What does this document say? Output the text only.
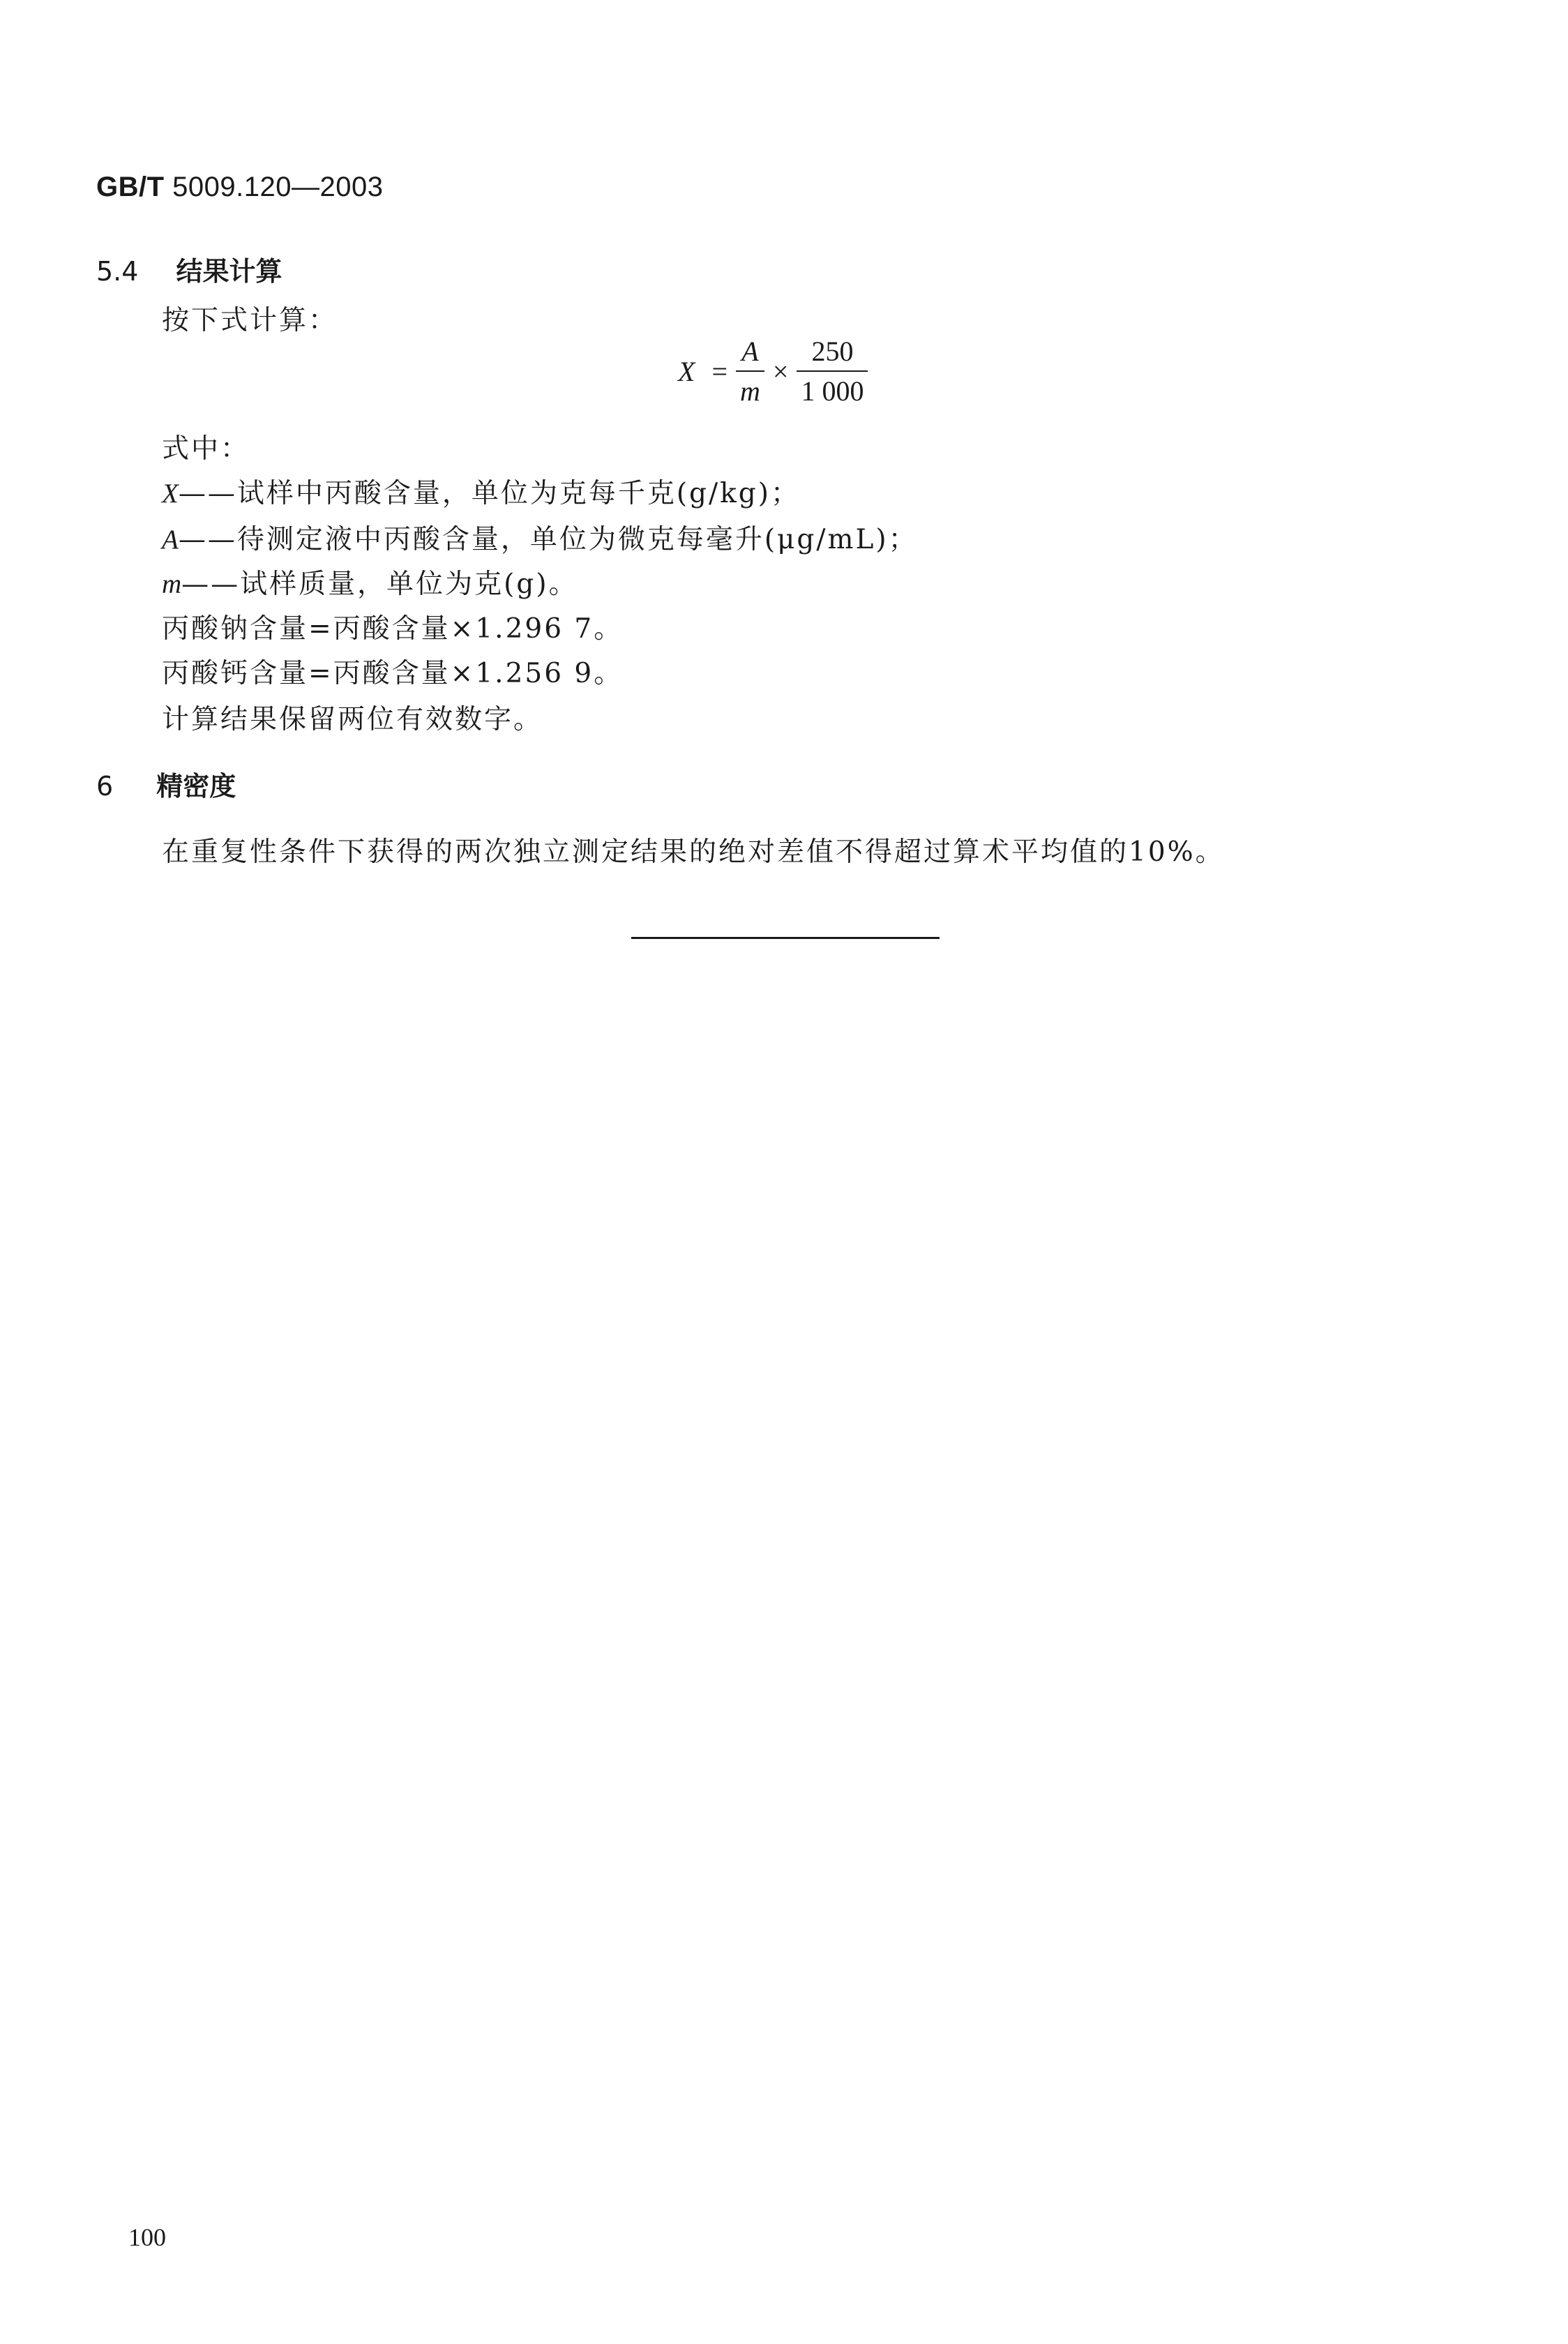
GB/T 5009.120—2003
5.4 结果计算
按下式计算：
$X = \frac{A}{m} \times \frac{250}{1 000}$
式中：
X——试样中丙酸含量，单位为克每千克(g/kg)；
A——待测定液中丙酸含量，单位为微克每毫升(μg/mL)；
m——试样质量，单位为克(g)。
丙酸钠含量=丙酸含量×1.296 7。
丙酸钙含量=丙酸含量×1.256 9。
计算结果保留两位有效数字。
6 精密度
在重复性条件下获得的两次独立测定结果的绝对差值不得超过算术平均值的10%。
100
